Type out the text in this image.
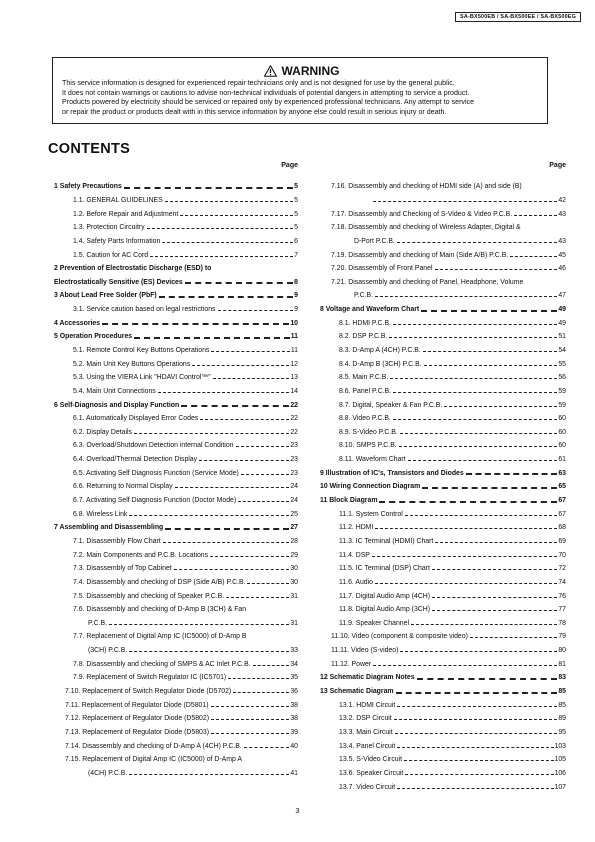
SA-BX500EB / SA-BX500EE / SA-BX500EG
WARNING
This service information is designed for experienced repair technicians only and is not designed for use by the general public.
It does not contain warnings or cautions to advise non-technical individuals of potential dangers in attempting to service a product.
Products powered by electricity should be serviced or repaired only by experienced professional technicians. Any attempt to service
or repair the product or products dealt with in this service information by anyone else could result in serious injury or death.
CONTENTS
Page
1 Safety Precautions	5
1.1. GENERAL GUIDELINES	5
1.2. Before Repair and Adjustment	5
1.3. Protection Circuitry	5
1.4. Safety Parts Information	6
1.5. Caution for AC Cord	7
2 Prevention of Electrostatic Discharge (ESD) to
Electrostatically Sensitive (ES) Devices	8
3 About Lead Free Solder (PbF)	9
3.1. Service caution based on legal restrictions	9
4 Accessories	10
5 Operation Procedures	11
5.1. Remote Control Key Buttons Operations	11
5.2. Main Unit Key Buttons Operations	12
5.3. Using the VIERA Link "HDAVI Control™"	13
5.4. Main Unit Connections	14
6 Self-Diagnosis and Display Function	22
6.1. Automatically Displayed Error Codes	22
6.2. Display Details	22
6.3. Overload/Shutdown Detection internal Condition	23
6.4. Overload/Thermal Detection Display	23
6.5. Activating Self Diagnosis Function (Service Mode)	23
6.6. Returning to Normal Display	24
6.7. Activating Self Diagnosis Function (Doctor Mode)	24
6.8. Wireless Link	25
7 Assembling and Disassembling	27
7.1. Disassembly Flow Chart	28
7.2. Main Components and P.C.B. Locations	29
7.3. Disassembly of Top Cabinet	30
7.4. Disassembly and checking of DSP (Side A/B) P.C.B.	30
7.5. Disassembly and checking of Speaker P.C.B.	31
7.6. Disassembly and checking of D-Amp B (3CH) & Fan
P.C.B.	31
7.7. Replacement of Digital Amp IC (IC5000) of D-Amp B
(3CH) P.C.B.	33
7.8. Disassembly and checking of SMPS & AC Inlet P.C.B.	34
7.9. Replacement of Switch Regulator IC (IC5701)	35
7.10. Replacement of Switch Regulator Diode (D5702)	36
7.11. Replacement of Regulator Diode (D5801)	38
7.12. Replacement of Regulator Diode (D5802)	38
7.13. Replacement of Regulator Diode (D5803)	39
7.14. Disassembly and checking of D-Amp A (4CH) P.C.B.	40
7.15. Replacement of Digital Amp IC (IC5000) of D-Amp A
(4CH) P.C.B.	41
Page
7.16. Disassembly and checking of HDMI side (A) and side (B)
42
7.17. Disassembly and Checking of S-Video & Video P.C.B.	43
7.18. Disassembly and checking of Wireless Adapter, Digital &
D-Port P.C.B.	43
7.19. Disassembly and checking of Main (Side A/B) P.C.B.	45
7.20. Disassembly of Front Panel	46
7.21. Disassembly and checking of Panel, Headphone, Volume
P.C.B.	47
8 Voltage and Waveform Chart	49
8.1. HDMI P.C.B.	49
8.2. DSP P.C.B.	51
8.3. D-Amp A (4CH) P.C.B.	54
8.4. D-Amp B (3CH) P.C.B.	55
8.5. Main P.C.B.	56
8.6. Panel P.C.B.	59
8.7. Digital, Speaker & Fan P.C.B.	59
8.8. Video P.C.B.	60
8.9. S-Video P.C.B.	60
8.10. SMPS P.C.B.	60
8.11. Waveform Chart	61
9 Illustration of IC's, Transistors and Diodes	63
10 Wiring Connection Diagram	65
11 Block Diagram	67
11.1. System Control	67
11.2. HDMI	68
11.3. IC Terminal (HDMI) Chart	69
11.4. DSP	70
11.5. IC Terminal (DSP) Chart	72
11.6. Audio	74
11.7. Digital Audio Amp (4CH)	76
11.8. Digital Audio Amp (3CH)	77
11.9. Speaker Channel	78
11.10. Video (component & composite video)	79
11.11. Video (S-video)	80
11.12. Power	81
12 Schematic Diagram Notes	83
13 Schematic Diagram	85
13.1. HDMI Circuit	85
13.2. DSP Circuit	89
13.3. Main Circuit	95
13.4. Panel Circuit	103
13.5. S-Video Circuit	105
13.6. Speaker Circuit	106
13.7. Video Circuit	107
3
